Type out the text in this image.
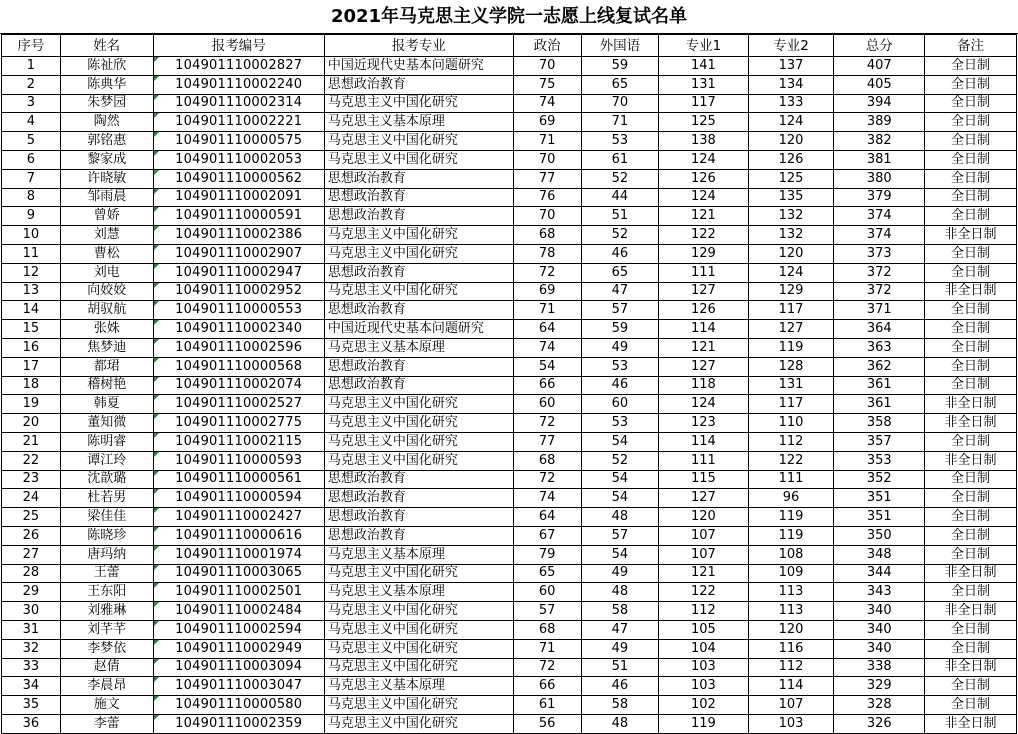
2021年马克思主义学院一志愿上线复试名单
序号	姓名	报考编号	报考专业	政治	外国语	专业1	专业2	总分	备注
1	陈祉欣	104901110002827	中国近现代史基本问题研究	70	59	141	137	407	全日制
2	陈典华	104901110002240	思想政治教育	75	65	131	134	405	全日制
3	朱梦园	104901110002314	马克思主义中国化研究	74	70	117	133	394	全日制
4	陶然	104901110002221	马克思主义基本原理	69	71	125	124	389	全日制
5	郭铭惠	104901110000575	马克思主义中国化研究	71	53	138	120	382	全日制
6	黎家成	104901110002053	马克思主义中国化研究	70	61	124	126	381	全日制
7	许晓敏	104901110000562	思想政治教育	77	52	126	125	380	全日制
8	邹雨晨	104901110002091	思想政治教育	76	44	124	135	379	全日制
9	曾娇	104901110000591	思想政治教育	70	51	121	132	374	全日制
10	刘慧	104901110002386	马克思主义中国化研究	68	52	122	132	374	非全日制
11	曹松	104901110002907	马克思主义中国化研究	78	46	129	120	373	全日制
12	刘电	104901110002947	思想政治教育	72	65	111	124	372	全日制
13	向姣姣	104901110002952	马克思主义中国化研究	69	47	127	129	372	非全日制
14	胡驭航	104901110000553	思想政治教育	71	57	126	117	371	全日制
15	张姝	104901110002340	中国近现代史基本问题研究	64	59	114	127	364	全日制
16	焦梦迪	104901110002596	马克思主义基本原理	74	49	121	119	363	全日制
17	都珺	104901110000568	思想政治教育	54	53	127	128	362	全日制
18	稽树艳	104901110002074	思想政治教育	66	46	118	131	361	全日制
19	韩夏	104901110002527	马克思主义中国化研究	60	60	124	117	361	非全日制
20	董知微	104901110002775	马克思主义中国化研究	72	53	123	110	358	非全日制
21	陈明睿	104901110002115	马克思主义中国化研究	77	54	114	112	357	全日制
22	谭江玲	104901110000593	马克思主义中国化研究	68	52	111	122	353	非全日制
23	沈歆璐	104901110000561	思想政治教育	72	54	115	111	352	全日制
24	杜若男	104901110000594	思想政治教育	74	54	127	96	351	全日制
25	梁佳佳	104901110002427	思想政治教育	64	48	120	119	351	全日制
26	陈晓珍	104901110000616	思想政治教育	67	57	107	119	350	全日制
27	唐玛纳	104901110001974	马克思主义基本原理	79	54	107	108	348	全日制
28	王蕾	104901110003065	马克思主义中国化研究	65	49	121	109	344	非全日制
29	王东阳	104901110002501	马克思主义基本原理	60	48	122	113	343	全日制
30	刘雅琳	104901110002484	马克思主义中国化研究	57	58	112	113	340	非全日制
31	刘芊芊	104901110002594	马克思主义中国化研究	68	47	105	120	340	全日制
32	李梦依	104901110002949	马克思主义中国化研究	71	49	104	116	340	全日制
33	赵倩	104901110003094	马克思主义中国化研究	72	51	103	112	338	非全日制
34	李晨昂	104901110003047	马克思主义基本原理	66	46	103	114	329	全日制
35	施文	104901110000580	马克思主义中国化研究	61	58	102	107	328	全日制
36	李蕾	104901110002359	马克思主义中国化研究	56	48	119	103	326	非全日制
